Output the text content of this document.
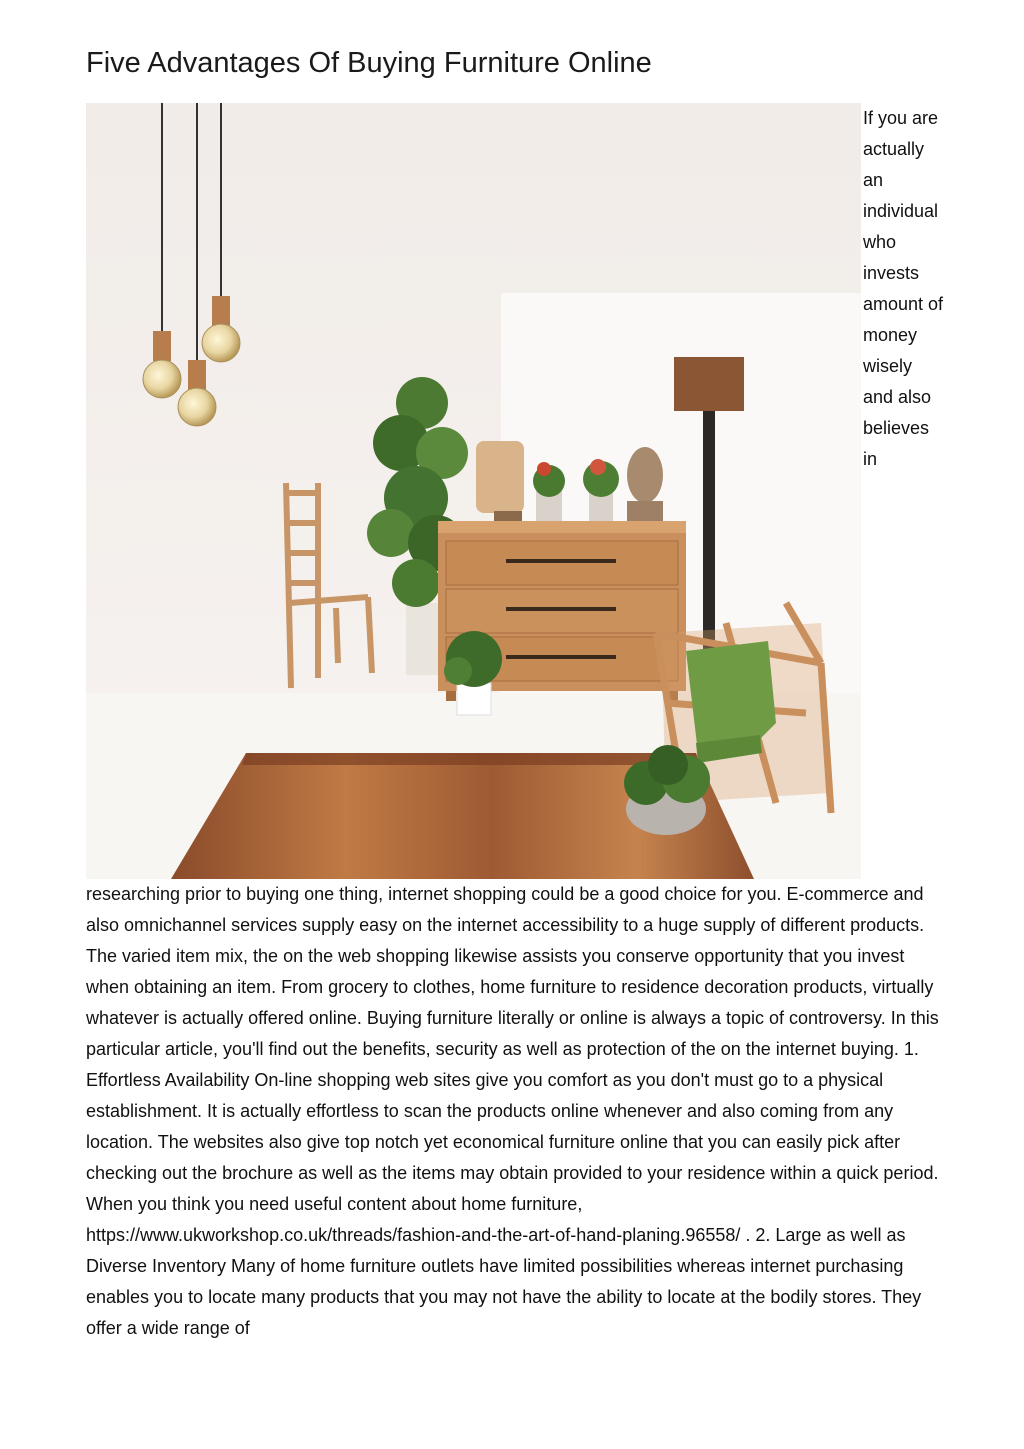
Five Advantages Of Buying Furniture Online

If you are actually an individual who invests amount of money wisely and also believes in researching prior to buying one thing, internet shopping could be a good choice for you. E-commerce and also omnichannel services supply easy on the internet accessibility to a huge supply of different products. The varied item mix, the on the web shopping likewise assists you conserve opportunity that you invest when obtaining an item. From grocery to clothes, home furniture to residence decoration products, virtually whatever is actually offered online. Buying furniture literally or online is always a topic of controversy. In this particular article, you'll find out the benefits, security as well as protection of the on the internet buying. 1. Effortless Availability On-line shopping web sites give you comfort as you don't must go to a physical establishment. It is actually effortless to scan the products online whenever and also coming from any location. The websites also give top notch yet economical furniture online that you can easily pick after checking out the brochure as well as the items may obtain provided to your residence within a quick period. When you think you need useful content about home furniture, https://www.ukworkshop.co.uk/threads/fashion-and-the-art-of-hand-planing.96558/ . 2. Large as well as Diverse Inventory Many of home furniture outlets have limited possibilities whereas internet purchasing enables you to locate many products that you may not have the ability to locate at the bodily stores. They offer a wide range of
